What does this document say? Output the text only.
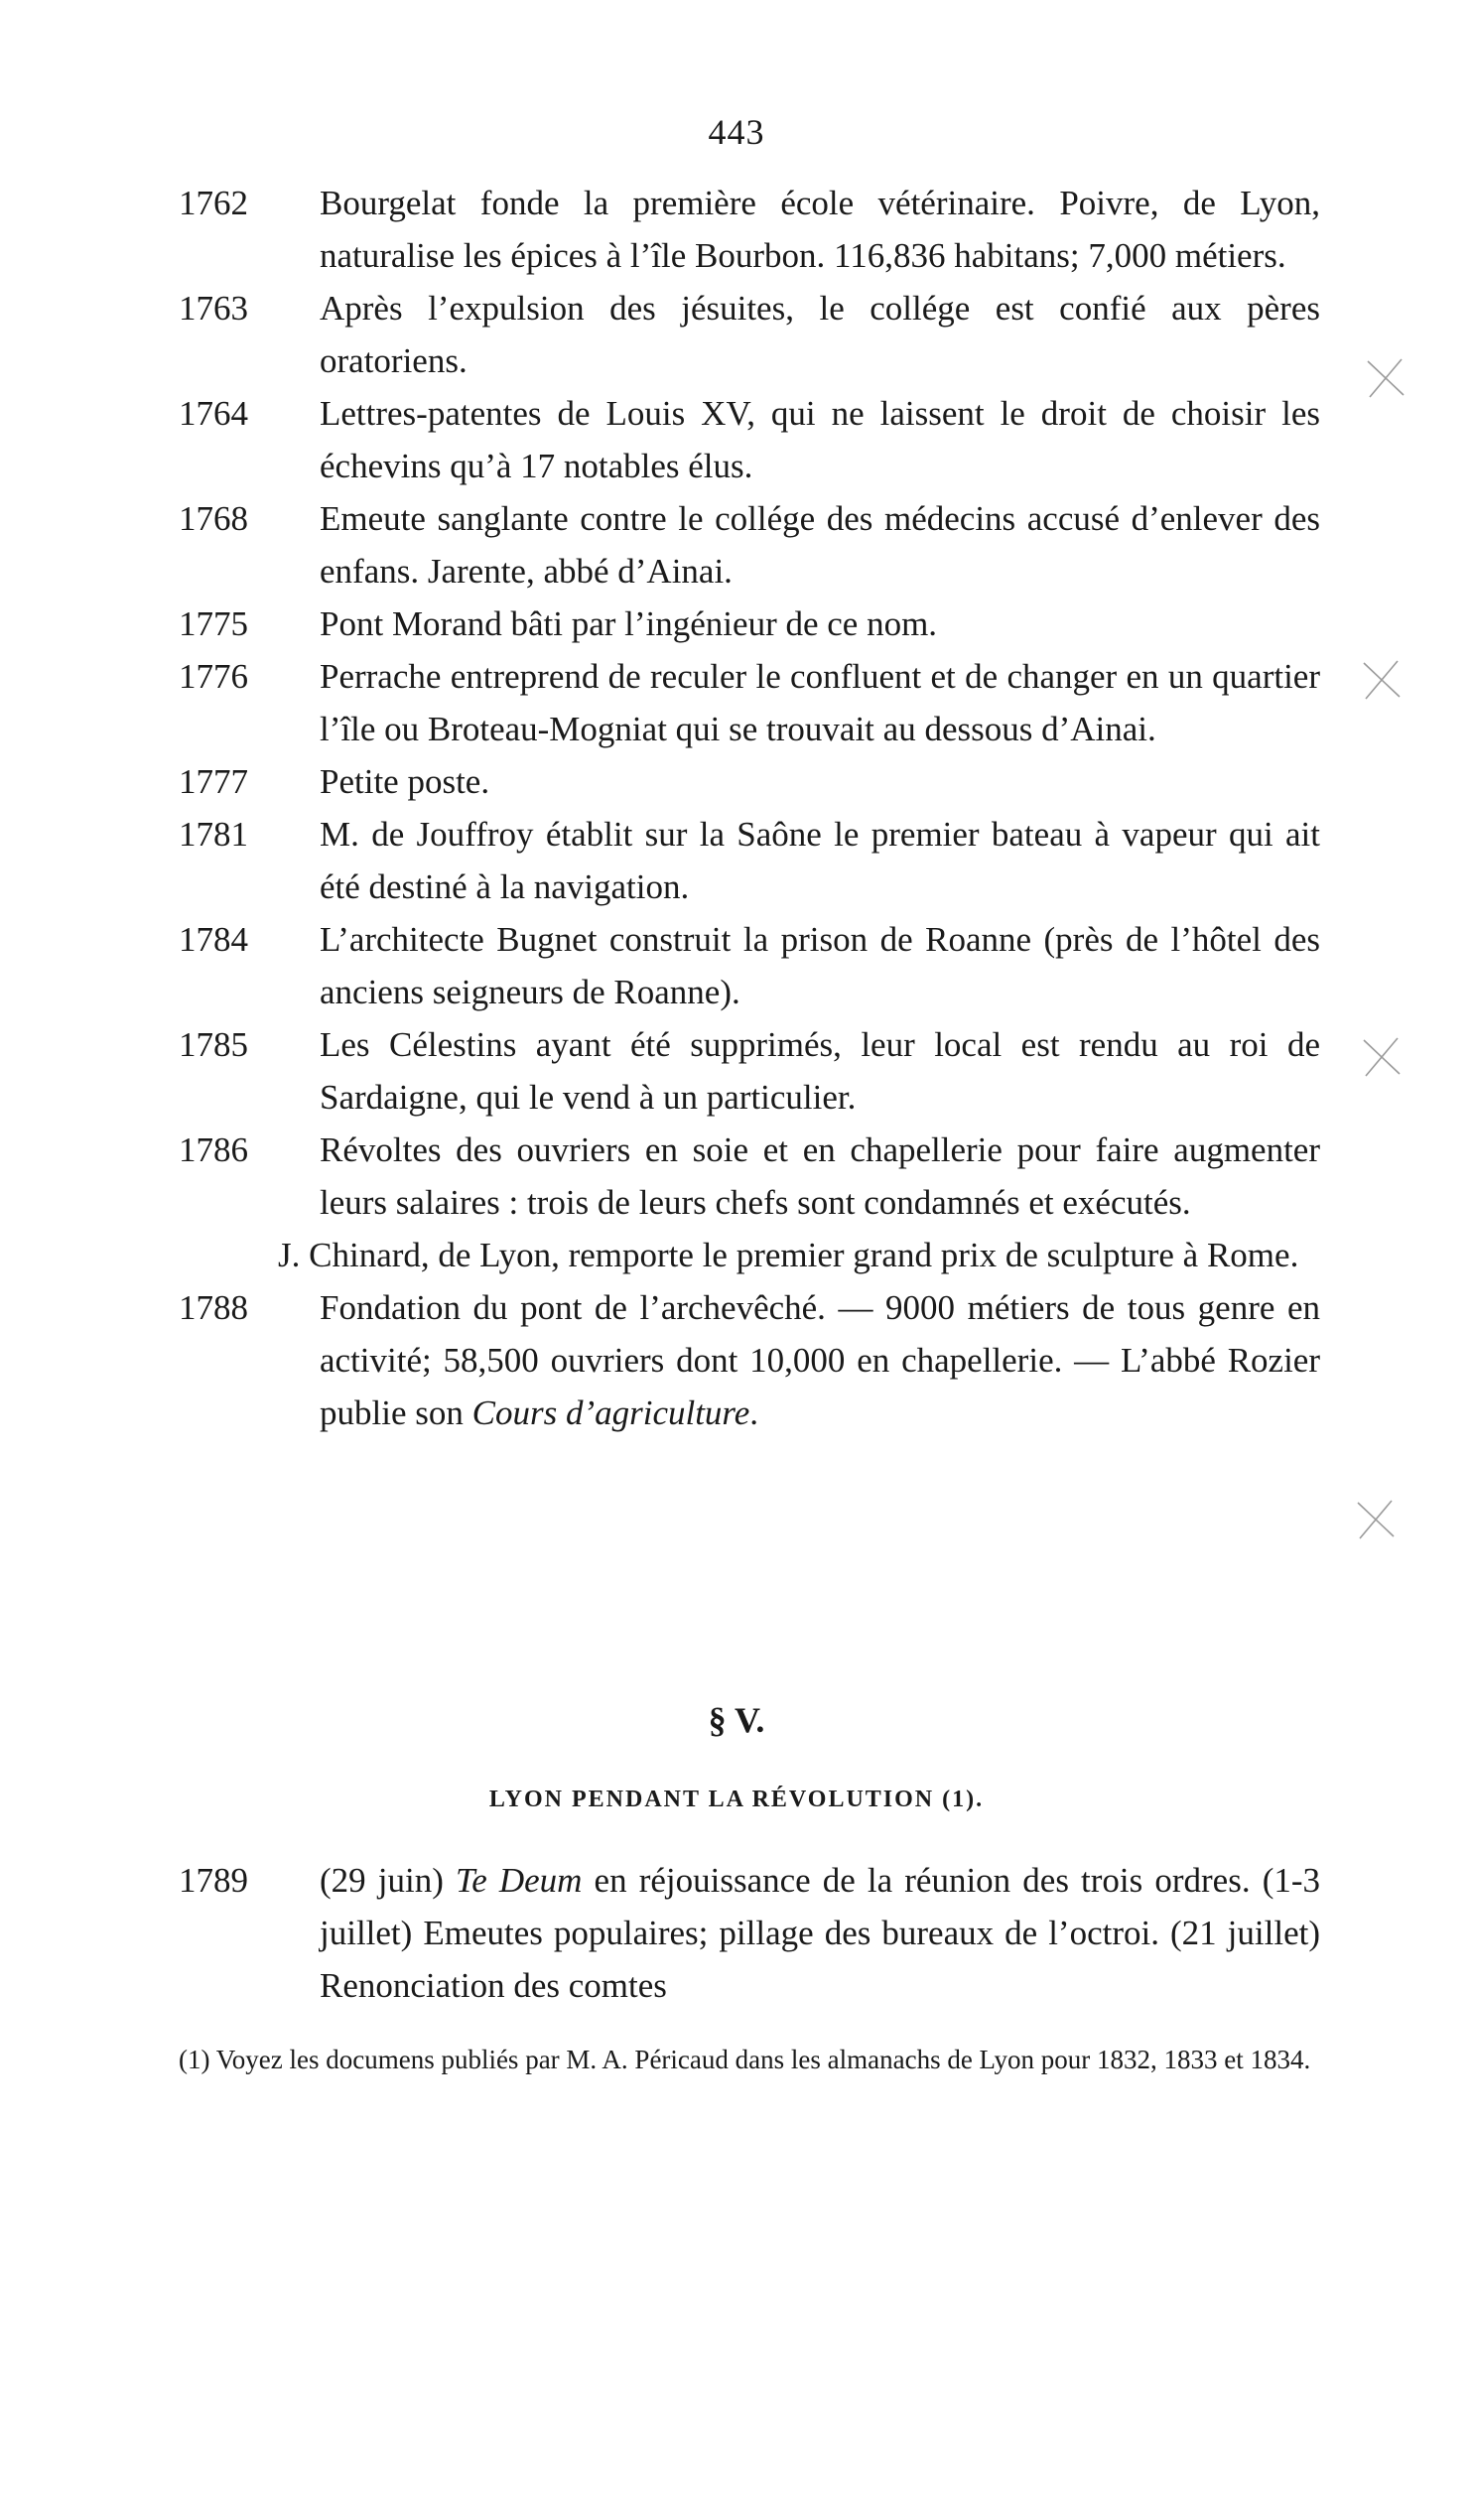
443

1762	Bourgelat fonde la première école vétérinaire. Poivre, de Lyon, naturalise les épices à l’île Bourbon. 116,836 habitans; 7,000 métiers.

1763	Après l’expulsion des jésuites, le collége est confié aux pères oratoriens.

1764	Lettres-patentes de Louis XV, qui ne laissent le droit de choisir les échevins qu’à 17 notables élus.

1768	Emeute sanglante contre le collége des médecins accusé d’enlever des enfans. Jarente, abbé d’Ainai.

1775	Pont Morand bâti par l’ingénieur de ce nom.

1776	Perrache entreprend de reculer le confluent et de changer en un quartier l’île ou Broteau-Mogniat qui se trouvait au dessous d’Ainai.

1777	Petite poste.

1781	M. de Jouffroy établit sur la Saône le premier bateau à vapeur qui ait été destiné à la navigation.

1784	L’architecte Bugnet construit la prison de Roanne (près de l’hôtel des anciens seigneurs de Roanne).

1785	Les Célestins ayant été supprimés, leur local est rendu au roi de Sardaigne, qui le vend à un particulier.

1786	Révoltes des ouvriers en soie et en chapellerie pour faire augmenter leurs salaires : trois de leurs chefs sont condamnés et exécutés.

J. Chinard, de Lyon, remporte le premier grand prix de sculpture à Rome.

1788	Fondation du pont de l’archevêché. — 9000 métiers de tous genre en activité; 58,500 ouvriers dont 10,000 en chapellerie. — L’abbé Rozier publie son Cours d’agriculture.

§ V.
LYON PENDANT LA RÉVOLUTION (1).

1789	(29 juin) Te Deum en réjouissance de la réunion des trois ordres. (1-3 juillet) Emeutes populaires; pillage des bureaux de l’octroi. (21 juillet) Renonciation des comtes

(1) Voyez les documens publiés par M. A. Péricaud dans les almanachs de Lyon pour 1832, 1833 et 1834.
